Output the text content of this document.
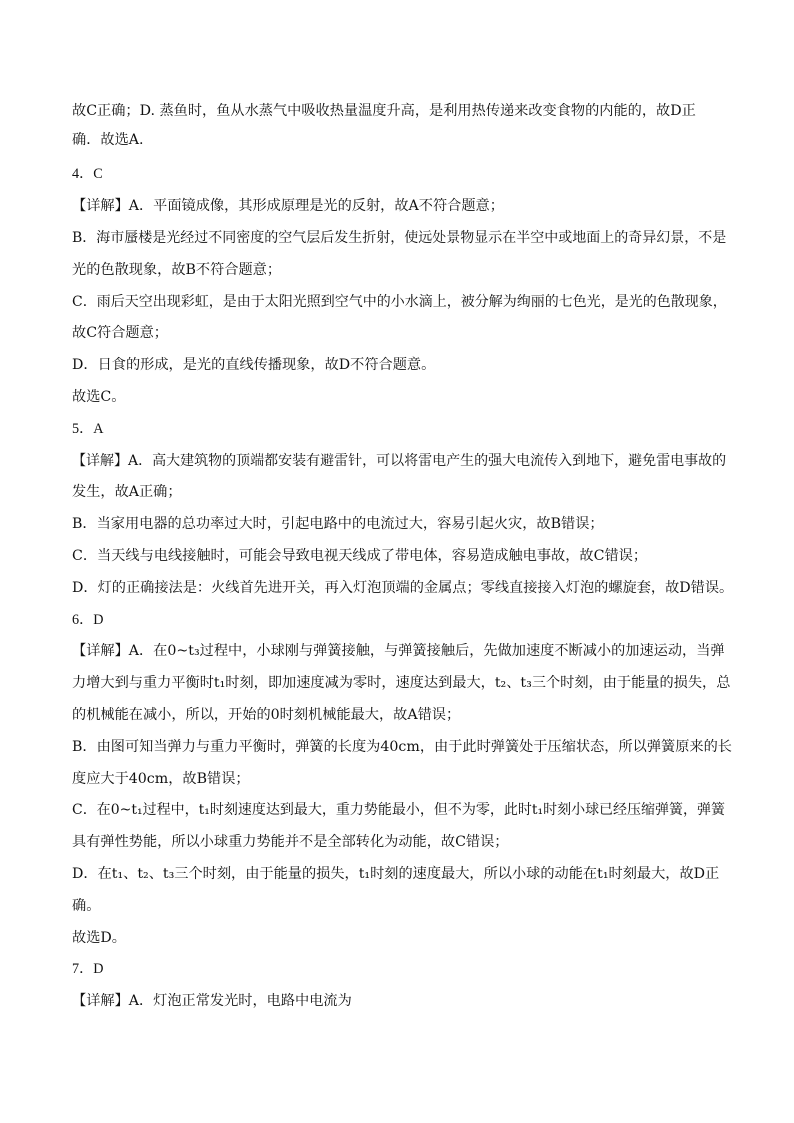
故C正确；D. 蒸鱼时，鱼从水蒸气中吸收热量温度升高，是利用热传递来改变食物的内能的，故D正
确．故选A.
4．C
【详解】A．平面镜成像，其形成原理是光的反射，故A不符合题意；
B．海市蜃楼是光经过不同密度的空气层后发生折射，使远处景物显示在半空中或地面上的奇异幻景，不是
光的色散现象，故B不符合题意；
C．雨后天空出现彩虹，是由于太阳光照到空气中的小水滴上，被分解为绚丽的七色光，是光的色散现象，
故C符合题意；
D．日食的形成，是光的直线传播现象，故D不符合题意。
故选C。
5．A
【详解】A．高大建筑物的顶端都安装有避雷针，可以将雷电产生的强大电流传入到地下，避免雷电事故的
发生，故A正确；
B．当家用电器的总功率过大时，引起电路中的电流过大，容易引起火灾，故B错误；
C．当天线与电线接触时，可能会导致电视天线成了带电体，容易造成触电事故，故C错误；
D．灯的正确接法是：火线首先进开关，再入灯泡顶端的金属点；零线直接接入灯泡的螺旋套，故D错误。
6．D
【详解】A．在0~t₃过程中，小球刚与弹簧接触，与弹簧接触后，先做加速度不断减小的加速运动，当弹
力增大到与重力平衡时t₁时刻，即加速度减为零时，速度达到最大，t₂、t₃三个时刻，由于能量的损失，总
的机械能在减小，所以，开始的0时刻机械能最大，故A错误；
B．由图可知当弹力与重力平衡时，弹簧的长度为40cm，由于此时弹簧处于压缩状态，所以弹簧原来的长
度应大于40cm，故B错误；
C．在0~t₁过程中，t₁时刻速度达到最大，重力势能最小，但不为零，此时t₁时刻小球已经压缩弹簧，弹簧
具有弹性势能，所以小球重力势能并不是全部转化为动能，故C错误；
D．在t₁、t₂、t₃三个时刻，由于能量的损失，t₁时刻的速度最大，所以小球的动能在t₁时刻最大，故D正
确。
故选D。
7．D
【详解】A．灯泡正常发光时，电路中电流为
